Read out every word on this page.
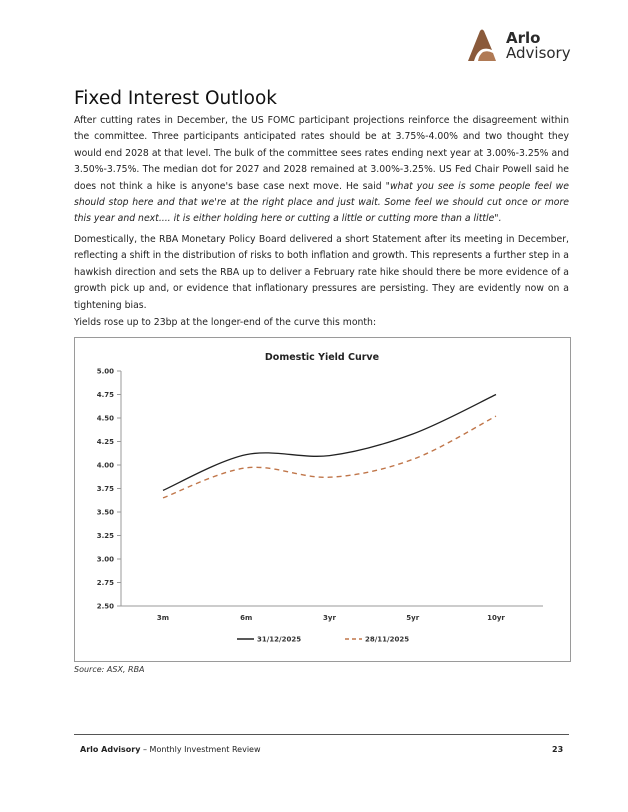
Arlo
Advisory
Fixed Interest Outlook

After cutting rates in December, the US FOMC participant projections reinforce the disagreement within the committee. Three participants anticipated rates should be at 3.75%-4.00% and two thought they would end 2028 at that level. The bulk of the committee sees rates ending next year at 3.00%-3.25% and 3.50%-3.75%. The median dot for 2027 and 2028 remained at 3.00%-3.25%. US Fed Chair Powell said he does not think a hike is anyone's base case next move. He said "what you see is some people feel we should stop here and that we're at the right place and just wait. Some feel we should cut once or more this year and next.... it is either holding here or cutting a little or cutting more than a little".

Domestically, the RBA Monetary Policy Board delivered a short Statement after its meeting in December, reflecting a shift in the distribution of risks to both inflation and growth. This represents a further step in a hawkish direction and sets the RBA up to deliver a February rate hike should there be more evidence of a growth pick up and, or evidence that inflationary pressures are persisting. They are evidently now on a tightening bias.

Yields rose up to 23bp at the longer-end of the curve this month:

Domestic Yield Curve
5.00
4.75
4.50
4.25
4.00
3.75
3.50
3.25
3.00
2.75
2.50
3m	6m	3yr	5yr	10yr
31/12/2025	28/11/2025
Source: ASX, RBA
Arlo Advisory – Monthly Investment Review	23
